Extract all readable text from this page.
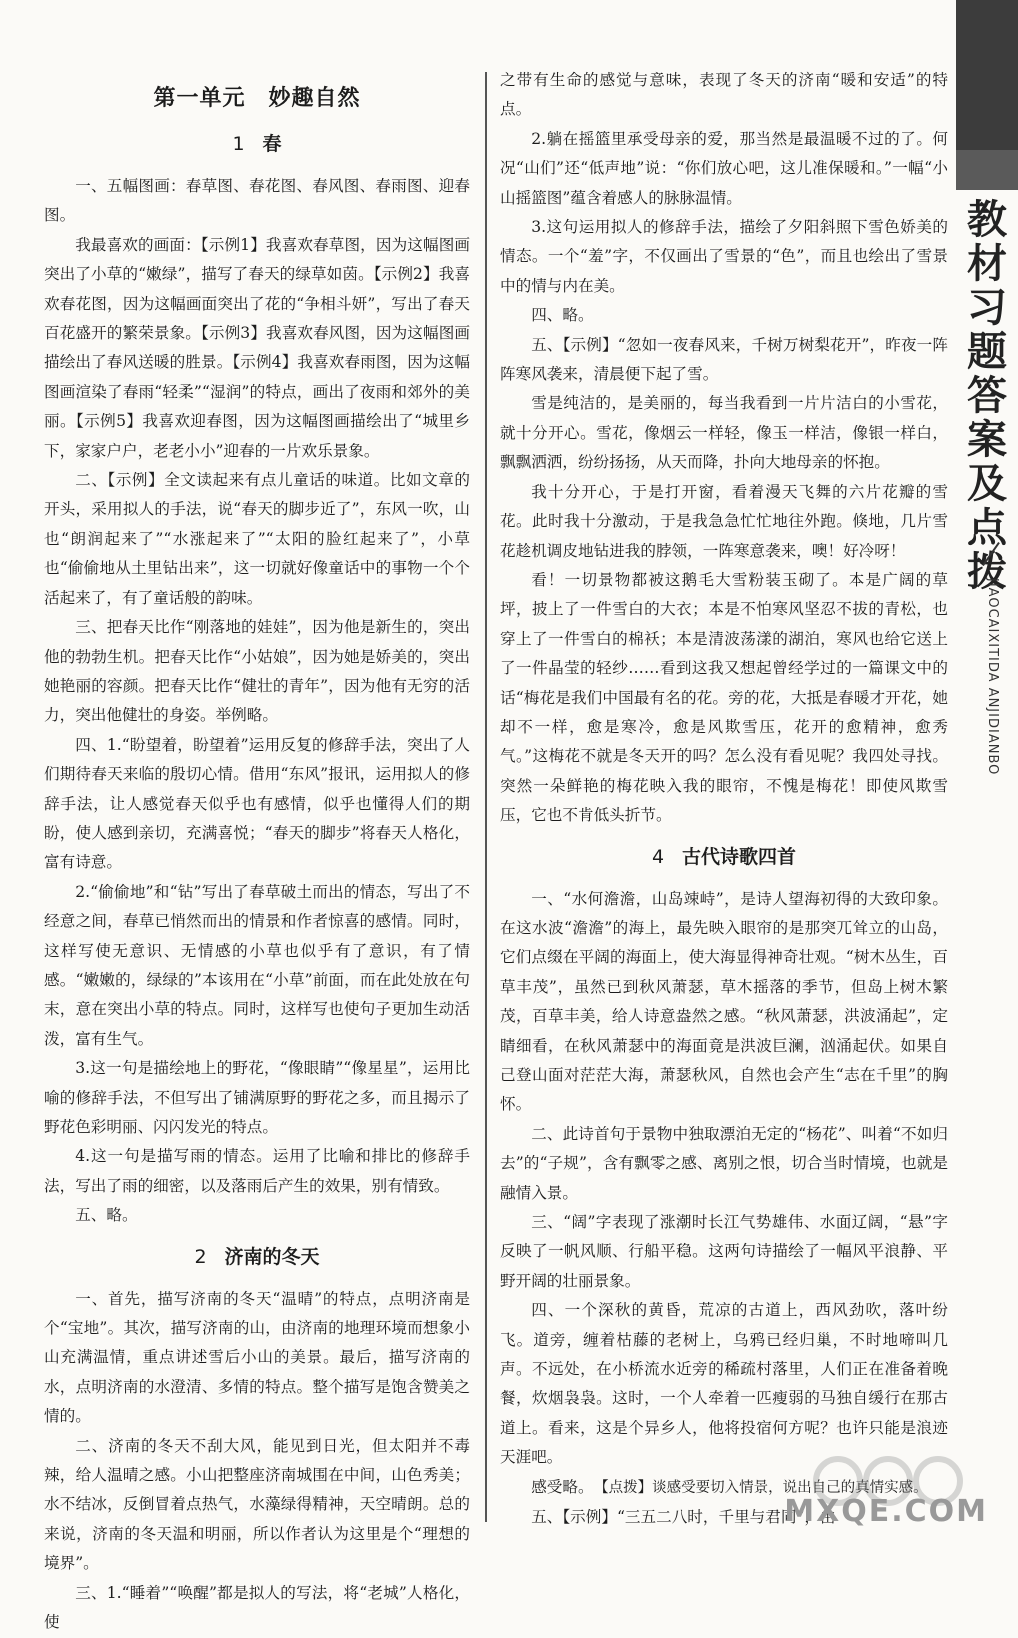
第一单元　妙趣自然
1 春

一、五幅图画：春草图、春花图、春风图、春雨图、迎春图。

我最喜欢的画面：【示例1】我喜欢春草图，因为这幅图画突出了小草的“嫩绿”，描写了春天的绿草如茵。【示例2】我喜欢春花图，因为这幅画面突出了花的“争相斗妍”，写出了春天百花盛开的繁荣景象。【示例3】我喜欢春风图，因为这幅图画描绘出了春风送暖的胜景。【示例4】我喜欢春雨图，因为这幅图画渲染了春雨“轻柔”“湿润”的特点，画出了夜雨和郊外的美丽。【示例5】我喜欢迎春图，因为这幅图画描绘出了“城里乡下，家家户户，老老小小”迎春的一片欢乐景象。

二、【示例】全文读起来有点儿童话的味道。比如文章的开头，采用拟人的手法，说“春天的脚步近了”，东风一吹，山也“朗润起来了”“水涨起来了”“太阳的脸红起来了”，小草也“偷偷地从土里钻出来”，这一切就好像童话中的事物一个个活起来了，有了童话般的韵味。

三、把春天比作“刚落地的娃娃”，因为他是新生的，突出他的勃勃生机。把春天比作“小姑娘”，因为她是娇美的，突出她艳丽的容颜。把春天比作“健壮的青年”，因为他有无穷的活力，突出他健壮的身姿。举例略。

四、1.“盼望着，盼望着”运用反复的修辞手法，突出了人们期待春天来临的殷切心情。借用“东风”报讯，运用拟人的修辞手法，让人感觉春天似乎也有感情，似乎也懂得人们的期盼，使人感到亲切，充满喜悦；“春天的脚步”将春天人格化，富有诗意。

2.“偷偷地”和“钻”写出了春草破土而出的情态，写出了不经意之间，春草已悄然而出的情景和作者惊喜的感情。同时，这样写使无意识、无情感的小草也似乎有了意识，有了情感。“嫩嫩的，绿绿的”本该用在“小草”前面，而在此处放在句末，意在突出小草的特点。同时，这样写也使句子更加生动活泼，富有生气。

3.这一句是描绘地上的野花，“像眼睛”“像星星”，运用比喻的修辞手法，不但写出了铺满原野的野花之多，而且揭示了野花色彩明丽、闪闪发光的特点。

4.这一句是描写雨的情态。运用了比喻和排比的修辞手法，写出了雨的细密，以及落雨后产生的效果，别有情致。

五、略。

2 济南的冬天

一、首先，描写济南的冬天“温晴”的特点，点明济南是个“宝地”。其次，描写济南的山，由济南的地理环境而想象小山充满温情，重点讲述雪后小山的美景。最后，描写济南的水，点明济南的水澄清、多情的特点。整个描写是饱含赞美之情的。

二、济南的冬天不刮大风，能见到日光，但太阳并不毒辣，给人温晴之感。小山把整座济南城围在中间，山色秀美；水不结冰，反倒冒着点热气，水藻绿得精神，天空晴朗。总的来说，济南的冬天温和明丽，所以作者认为这里是个“理想的境界”。

三、1.“睡着”“唤醒”都是拟人的写法，将“老城”人格化，使

之带有生命的感觉与意味，表现了冬天的济南“暖和安适”的特点。

2.躺在摇篮里承受母亲的爱，那当然是最温暖不过的了。何况“山们”还“低声地”说：“你们放心吧，这儿准保暖和。”一幅“小山摇篮图”蕴含着感人的脉脉温情。

3.这句运用拟人的修辞手法，描绘了夕阳斜照下雪色娇美的情态。一个“羞”字，不仅画出了雪景的“色”，而且也绘出了雪景中的情与内在美。

四、略。

五、【示例】“忽如一夜春风来，千树万树梨花开”，昨夜一阵阵寒风袭来，清晨便下起了雪。

雪是纯洁的，是美丽的，每当我看到一片片洁白的小雪花，就十分开心。雪花，像烟云一样轻，像玉一样洁，像银一样白，飘飘洒洒，纷纷扬扬，从天而降，扑向大地母亲的怀抱。

我十分开心，于是打开窗，看着漫天飞舞的六片花瓣的雪花。此时我十分激动，于是我急急忙忙地往外跑。倏地，几片雪花趁机调皮地钻进我的脖领，一阵寒意袭来，噢！好冷呀！

看！一切景物都被这鹅毛大雪粉装玉砌了。本是广阔的草坪，披上了一件雪白的大衣；本是不怕寒风坚忍不拔的青松，也穿上了一件雪白的棉袄；本是清波荡漾的湖泊，寒风也给它送上了一件晶莹的轻纱……看到这我又想起曾经学过的一篇课文中的话“梅花是我们中国最有名的花。旁的花，大抵是春暖才开花，她却不一样，愈是寒冷，愈是风欺雪压，花开的愈精神，愈秀气。”这梅花不就是冬天开的吗？怎么没有看见呢？我四处寻找。突然一朵鲜艳的梅花映入我的眼帘，不愧是梅花！即使风欺雪压，它也不肯低头折节。

4 古代诗歌四首

一、“水何澹澹，山岛竦峙”，是诗人望海初得的大致印象。在这水波“澹澹”的海上，最先映入眼帘的是那突兀耸立的山岛，它们点缀在平阔的海面上，使大海显得神奇壮观。“树木丛生，百草丰茂”，虽然已到秋风萧瑟，草木摇落的季节，但岛上树木繁茂，百草丰美，给人诗意盎然之感。“秋风萧瑟，洪波涌起”，定睛细看，在秋风萧瑟中的海面竟是洪波巨澜，汹涌起伏。如果自己登山面对茫茫大海，萧瑟秋风，自然也会产生“志在千里”的胸怀。

二、此诗首句于景物中独取漂泊无定的“杨花”、叫着“不如归去”的“子规”，含有飘零之感、离别之恨，切合当时情境，也就是融情入景。

三、“阔”字表现了涨潮时长江气势雄伟、水面辽阔，“悬”字反映了一帆风顺、行船平稳。这两句诗描绘了一幅风平浪静、平野开阔的壮丽景象。

四、一个深秋的黄昏，荒凉的古道上，西风劲吹，落叶纷飞。道旁，缠着枯藤的老树上，乌鸦已经归巢，不时地啼叫几声。不远处，在小桥流水近旁的稀疏村落里，人们正在准备着晚餐，炊烟袅袅。这时，一个人牵着一匹瘦弱的马独自缓行在那古道上。看来，这是个异乡人，他将投宿何方呢？也许只能是浪迹天涯吧。

感受略。　 【点拨】谈感受要切入情景，说出自己的真情实感。

五、【示例】“三五二八时，千里与君同”，由

教材习题答案及点拨
JIAOCAIXITIDA ANJIDIANBO
MXQE.COM
